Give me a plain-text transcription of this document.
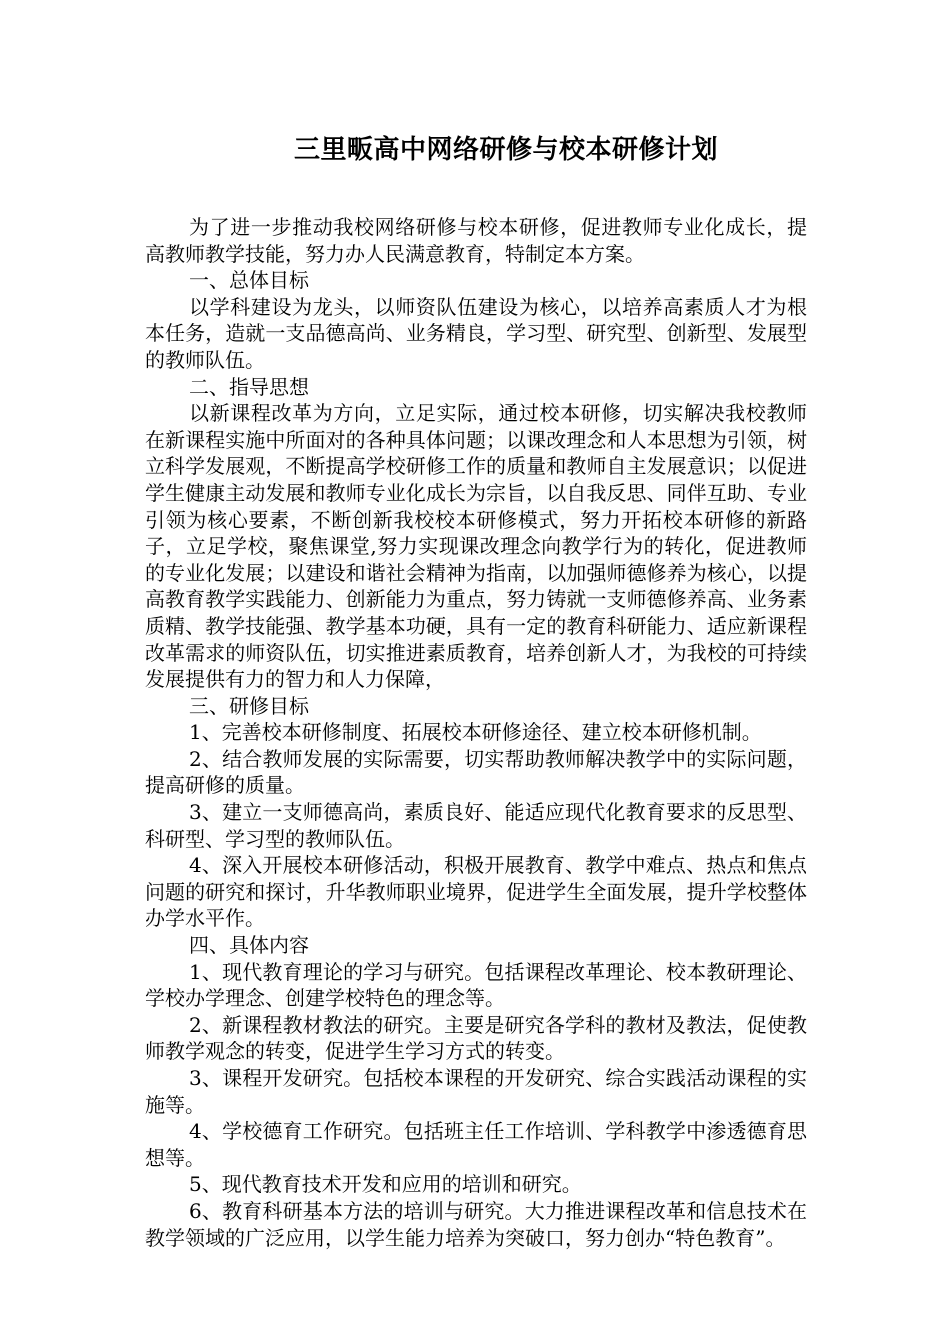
三里畈高中网络研修与校本研修计划

为了进一步推动我校网络研修与校本研修，促进教师专业化成长，提高教师教学技能，努力办人民满意教育，特制定本方案。

一、总体目标

以学科建设为龙头，以师资队伍建设为核心，以培养高素质人才为根本任务，造就一支品德高尚、业务精良，学习型、研究型、创新型、发展型的教师队伍。

二、指导思想

以新课程改革为方向，立足实际，通过校本研修，切实解决我校教师在新课程实施中所面对的各种具体问题；以课改理念和人本思想为引领，树立科学发展观，不断提高学校研修工作的质量和教师自主发展意识；以促进学生健康主动发展和教师专业化成长为宗旨，以自我反思、同伴互助、专业引领为核心要素，不断创新我校校本研修模式，努力开拓校本研修的新路子，立足学校，聚焦课堂,努力实现课改理念向教学行为的转化，促进教师的专业化发展；以建设和谐社会精神为指南，以加强师德修养为核心，以提高教育教学实践能力、创新能力为重点，努力铸就一支师德修养高、业务素质精、教学技能强、教学基本功硬，具有一定的教育科研能力、适应新课程改革需求的师资队伍，切实推进素质教育，培养创新人才，为我校的可持续发展提供有力的智力和人力保障，

三、研修目标

1、完善校本研修制度、拓展校本研修途径、建立校本研修机制。

2、结合教师发展的实际需要，切实帮助教师解决教学中的实际问题，提高研修的质量。

3、建立一支师德高尚，素质良好、能适应现代化教育要求的反思型、科研型、学习型的教师队伍。

4、深入开展校本研修活动，积极开展教育、教学中难点、热点和焦点问题的研究和探讨，升华教师职业境界，促进学生全面发展，提升学校整体办学水平作。

四、具体内容

1、现代教育理论的学习与研究。包括课程改革理论、校本教研理论、学校办学理念、创建学校特色的理念等。

2、新课程教材教法的研究。主要是研究各学科的教材及教法，促使教师教学观念的转变，促进学生学习方式的转变。

3、课程开发研究。包括校本课程的开发研究、综合实践活动课程的实施等。

4、学校德育工作研究。包括班主任工作培训、学科教学中渗透德育思想等。

5、现代教育技术开发和应用的培训和研究。

6、教育科研基本方法的培训与研究。大力推进课程改革和信息技术在教学领域的广泛应用，以学生能力培养为突破口，努力创办“特色教育”。
